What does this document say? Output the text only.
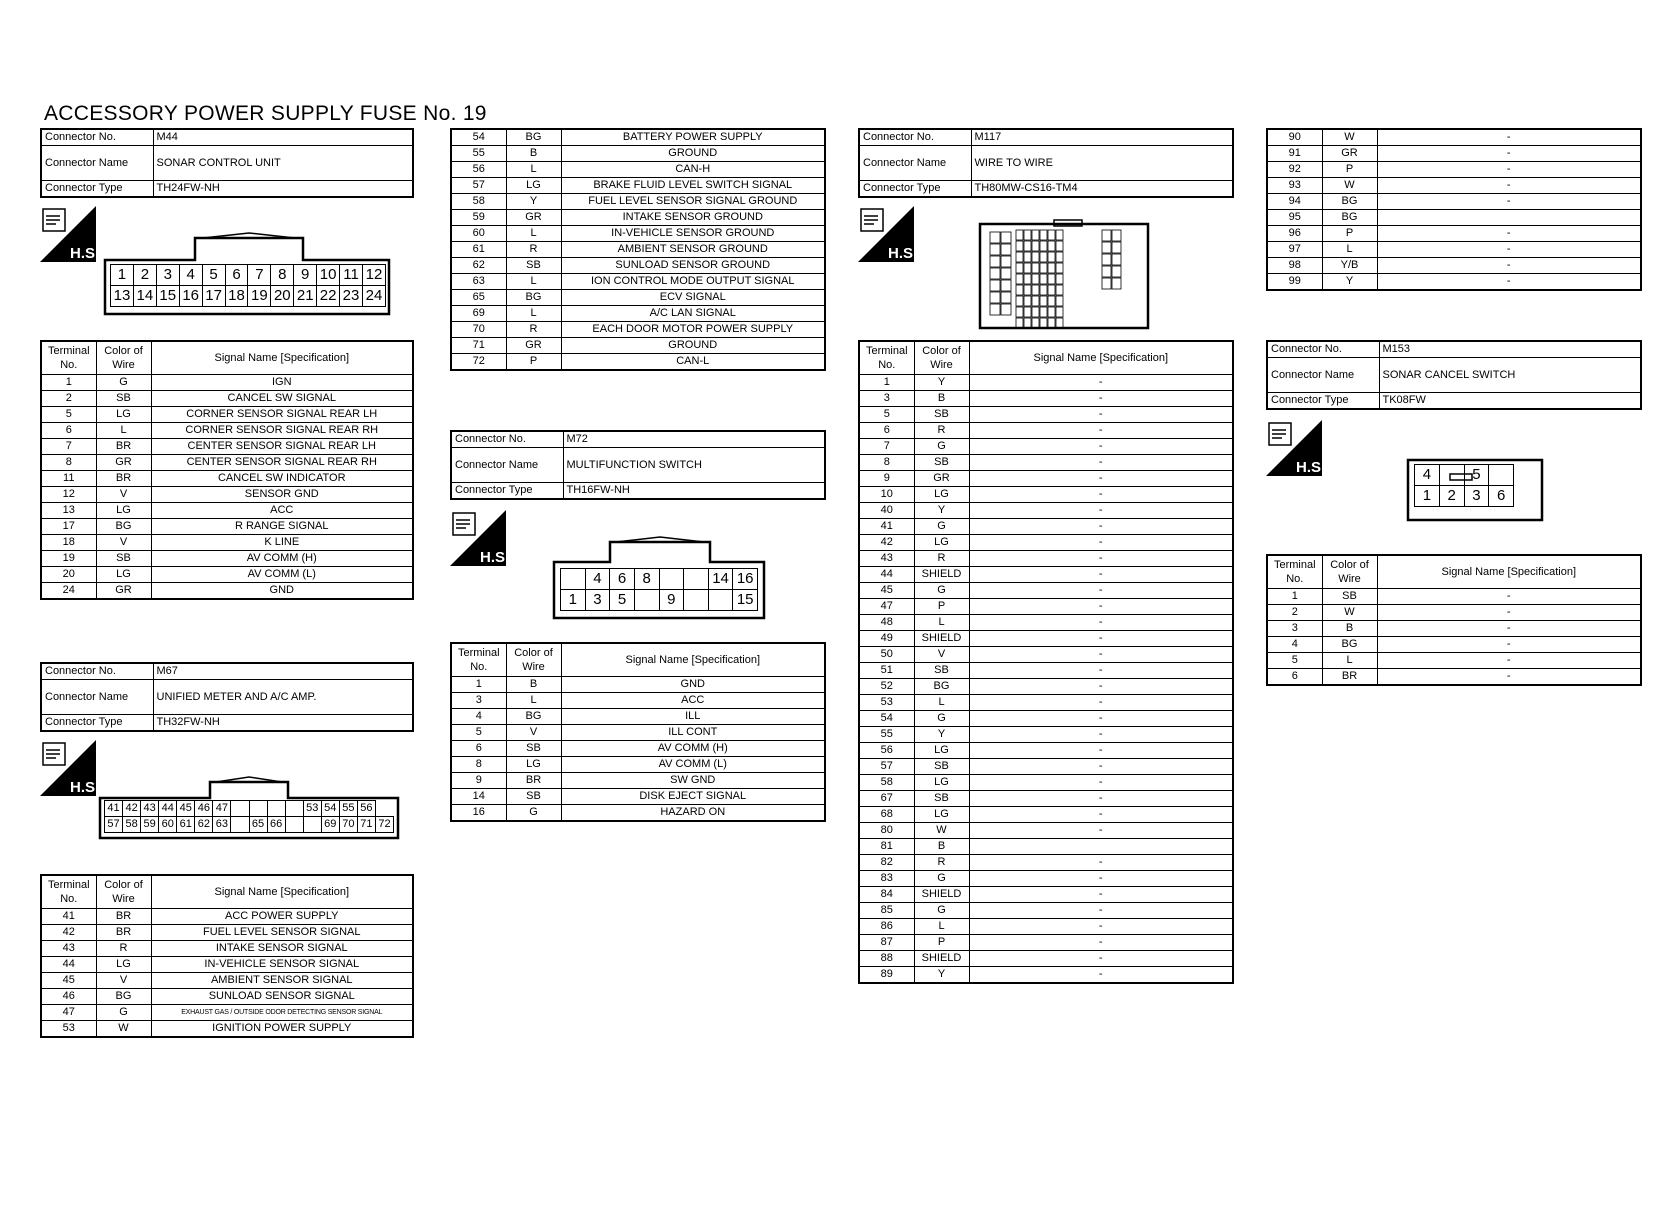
ACCESSORY POWER SUPPLY FUSE No. 19
Connector No.	M44
Connector Name	SONAR CONTROL UNIT
Connector Type	TH24FW-NH
H.S.
1	2	3	4	5	6	7	8	9	10	11	12
13	14	15	16	17	18	19	20	21	22	23	24
Terminal No.	Color of Wire	Signal Name [Specification]
1	G	IGN
2	SB	CANCEL SW SIGNAL
5	LG	CORNER SENSOR SIGNAL REAR LH
6	L	CORNER SENSOR SIGNAL REAR RH
7	BR	CENTER SENSOR SIGNAL REAR LH
8	GR	CENTER SENSOR SIGNAL REAR RH
11	BR	CANCEL SW INDICATOR
12	V	SENSOR GND
13	LG	ACC
17	BG	R RANGE SIGNAL
18	V	K LINE
19	SB	AV COMM (H)
20	LG	AV COMM (L)
24	GR	GND
Connector No.	M67
Connector Name	UNIFIED METER AND A/C AMP.
Connector Type	TH32FW-NH
H.S.
41	42	43	44	45	46	47					53	54	55	56	
57	58	59	60	61	62	63		65	66			69	70	71	72
Terminal No.	Color of Wire	Signal Name [Specification]
41	BR	ACC POWER SUPPLY
42	BR	FUEL LEVEL SENSOR SIGNAL
43	R	INTAKE SENSOR SIGNAL
44	LG	IN-VEHICLE SENSOR SIGNAL
45	V	AMBIENT SENSOR SIGNAL
46	BG	SUNLOAD SENSOR SIGNAL
47	G	EXHAUST GAS / OUTSIDE ODOR DETECTING SENSOR SIGNAL
53	W	IGNITION POWER SUPPLY
54	BG	BATTERY POWER SUPPLY
55	B	GROUND
56	L	CAN-H
57	LG	BRAKE FLUID LEVEL SWITCH SIGNAL
58	Y	FUEL LEVEL SENSOR SIGNAL GROUND
59	GR	INTAKE SENSOR GROUND
60	L	IN-VEHICLE SENSOR GROUND
61	R	AMBIENT SENSOR GROUND
62	SB	SUNLOAD SENSOR GROUND
63	L	ION CONTROL MODE OUTPUT SIGNAL
65	BG	ECV SIGNAL
69	L	A/C LAN SIGNAL
70	R	EACH DOOR MOTOR POWER SUPPLY
71	GR	GROUND
72	P	CAN-L
Connector No.	M72
Connector Name	MULTIFUNCTION SWITCH
Connector Type	TH16FW-NH
H.S.
	4	6	8			14	16
1	3	5		9			15
Terminal No.	Color of Wire	Signal Name [Specification]
1	B	GND
3	L	ACC
4	BG	ILL
5	V	ILL CONT
6	SB	AV COMM (H)
8	LG	AV COMM (L)
9	BR	SW GND
14	SB	DISK EJECT SIGNAL
16	G	HAZARD ON
Connector No.	M117
Connector Name	WIRE TO WIRE
Connector Type	TH80MW-CS16-TM4
H.S.
Terminal No.	Color of Wire	Signal Name [Specification]
1	Y	-
3	B	-
5	SB	-
6	R	-
7	G	-
8	SB	-
9	GR	-
10	LG	-
40	Y	-
41	G	-
42	LG	-
43	R	-
44	SHIELD	-
45	G	-
47	P	-
48	L	-
49	SHIELD	-
50	V	-
51	SB	-
52	BG	-
53	L	-
54	G	-
55	Y	-
56	LG	-
57	SB	-
58	LG	-
67	SB	-
68	LG	-
80	W	-
81	B	
82	R	-
83	G	-
84	SHIELD	-
85	G	-
86	L	-
87	P	-
88	SHIELD	-
89	Y	-
90	W	-
91	GR	-
92	P	-
93	W	-
94	BG	-
95	BG	
96	P	-
97	L	-
98	Y/B	-
99	Y	-
Connector No.	M153
Connector Name	SONAR CANCEL SWITCH
Connector Type	TK08FW
H.S.	4		5	
1	2	3	6
Terminal No.	Color of Wire	Signal Name [Specification]
1	SB	-
2	W	-
3	B	-
4	BG	-
5	L	-
6	BR	-
